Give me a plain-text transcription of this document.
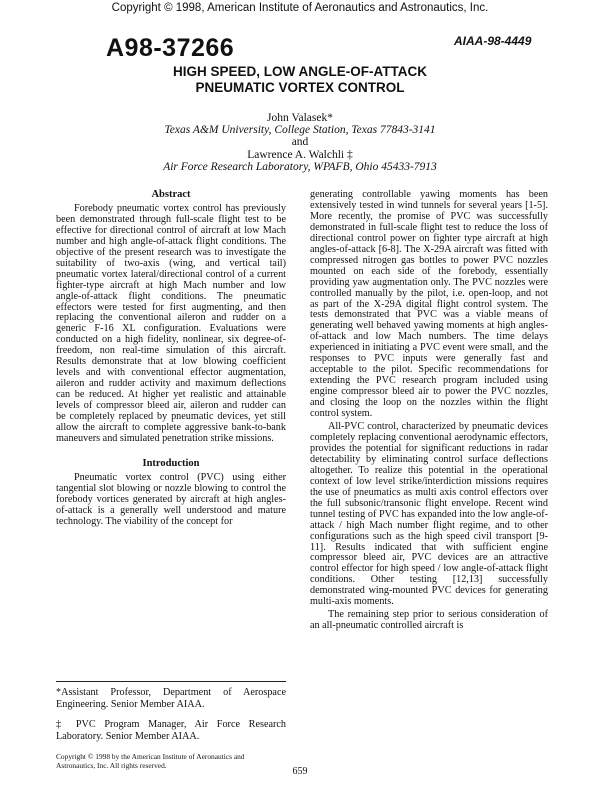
Copyright © 1998, American Institute of Aeronautics and Astronautics, Inc.
A98-37266	AIAA-98-4449
HIGH SPEED, LOW ANGLE-OF-ATTACK
PNEUMATIC VORTEX CONTROL
John Valasek*
Texas A&M University, College Station, Texas 77843-3141
and
Lawrence A. Walchli ‡
Air Force Research Laboratory, WPAFB, Ohio 45433-7913
Abstract

Forebody pneumatic vortex control has previously been demonstrated through full-scale flight test to be effective for directional control of aircraft at low Mach number and high angle-of-attack flight conditions. The objective of the present research was to investigate the suitability of two-axis (wing, and vertical tail) pneumatic vortex lateral/directional control of a current fighter-type aircraft at high Mach number and low angle-of-attack flight conditions. The pneumatic effectors were tested for first augmenting, and then replacing the conventional aileron and rudder on a generic F-16 XL configuration. Evaluations were conducted on a high fidelity, nonlinear, six degree-of-freedom, non real-time simulation of this aircraft. Results demonstrate that at low blowing coefficient levels and with conventional effector augmentation, aileron and rudder activity and maximum deflections can be reduced. At higher yet realistic and attainable levels of compressor bleed air, aileron and rudder can be completely replaced by pneumatic devices, yet still allow the aircraft to complete aggressive bank-to-bank maneuvers and simulated penetration strike missions.

Introduction

Pneumatic vortex control (PVC) using either tangential slot blowing or nozzle blowing to control the forebody vortices generated by aircraft at high angles-of-attack is a generally well understood and mature technology. The viability of the concept for

generating controllable yawing moments has been extensively tested in wind tunnels for several years [1-5]. More recently, the promise of PVC was successfully demonstrated in full-scale flight test to reduce the loss of directional control power on fighter type aircraft at high angles-of-attack [6-8]. The X-29A aircraft was fitted with compressed nitrogen gas bottles to power PVC nozzles mounted on each side of the forebody, essentially providing yaw augmentation only. The PVC nozzles were controlled manually by the pilot, i.e. open-loop, and not as part of the X-29A digital flight control system. The tests demonstrated that PVC was a viable means of generating well behaved yawing moments at high angles-of-attack and low Mach numbers. The time delays experienced in initiating a PVC event were small, and the responses to PVC inputs were generally fast and acceptable to the pilot. Specific recommendations for extending the PVC research program included using engine compressor bleed air to power the PVC nozzles, and closing the loop on the nozzles within the flight control system.

All-PVC control, characterized by pneumatic devices completely replacing conventional aerodynamic effectors, provides the potential for significant reductions in radar detectability by eliminating control surface deflections altogether. To realize this potential in the operational context of low level strike/interdiction missions requires the use of pneumatics as multi axis control effectors over the full subsonic/transonic flight envelope. Recent wind tunnel testing of PVC has expanded into the low angle-of-attack / high Mach number flight regime, and to other configurations such as the high speed civil transport [9-11]. Results indicated that with sufficient engine compressor bleed air, PVC devices are an attractive control effector for high speed / low angle-of-attack flight conditions. Other testing [12,13] successfully demonstrated wing-mounted PVC devices for generating multi-axis moments.

The remaining step prior to serious consideration of an all-pneumatic controlled aircraft is

*Assistant Professor, Department of Aerospace Engineering. Senior Member AIAA.
‡ PVC Program Manager, Air Force Research Laboratory. Senior Member AIAA.
Copyright © 1998 by the American Institute of Aeronautics and
Astronautics, Inc. All rights reserved.
659
